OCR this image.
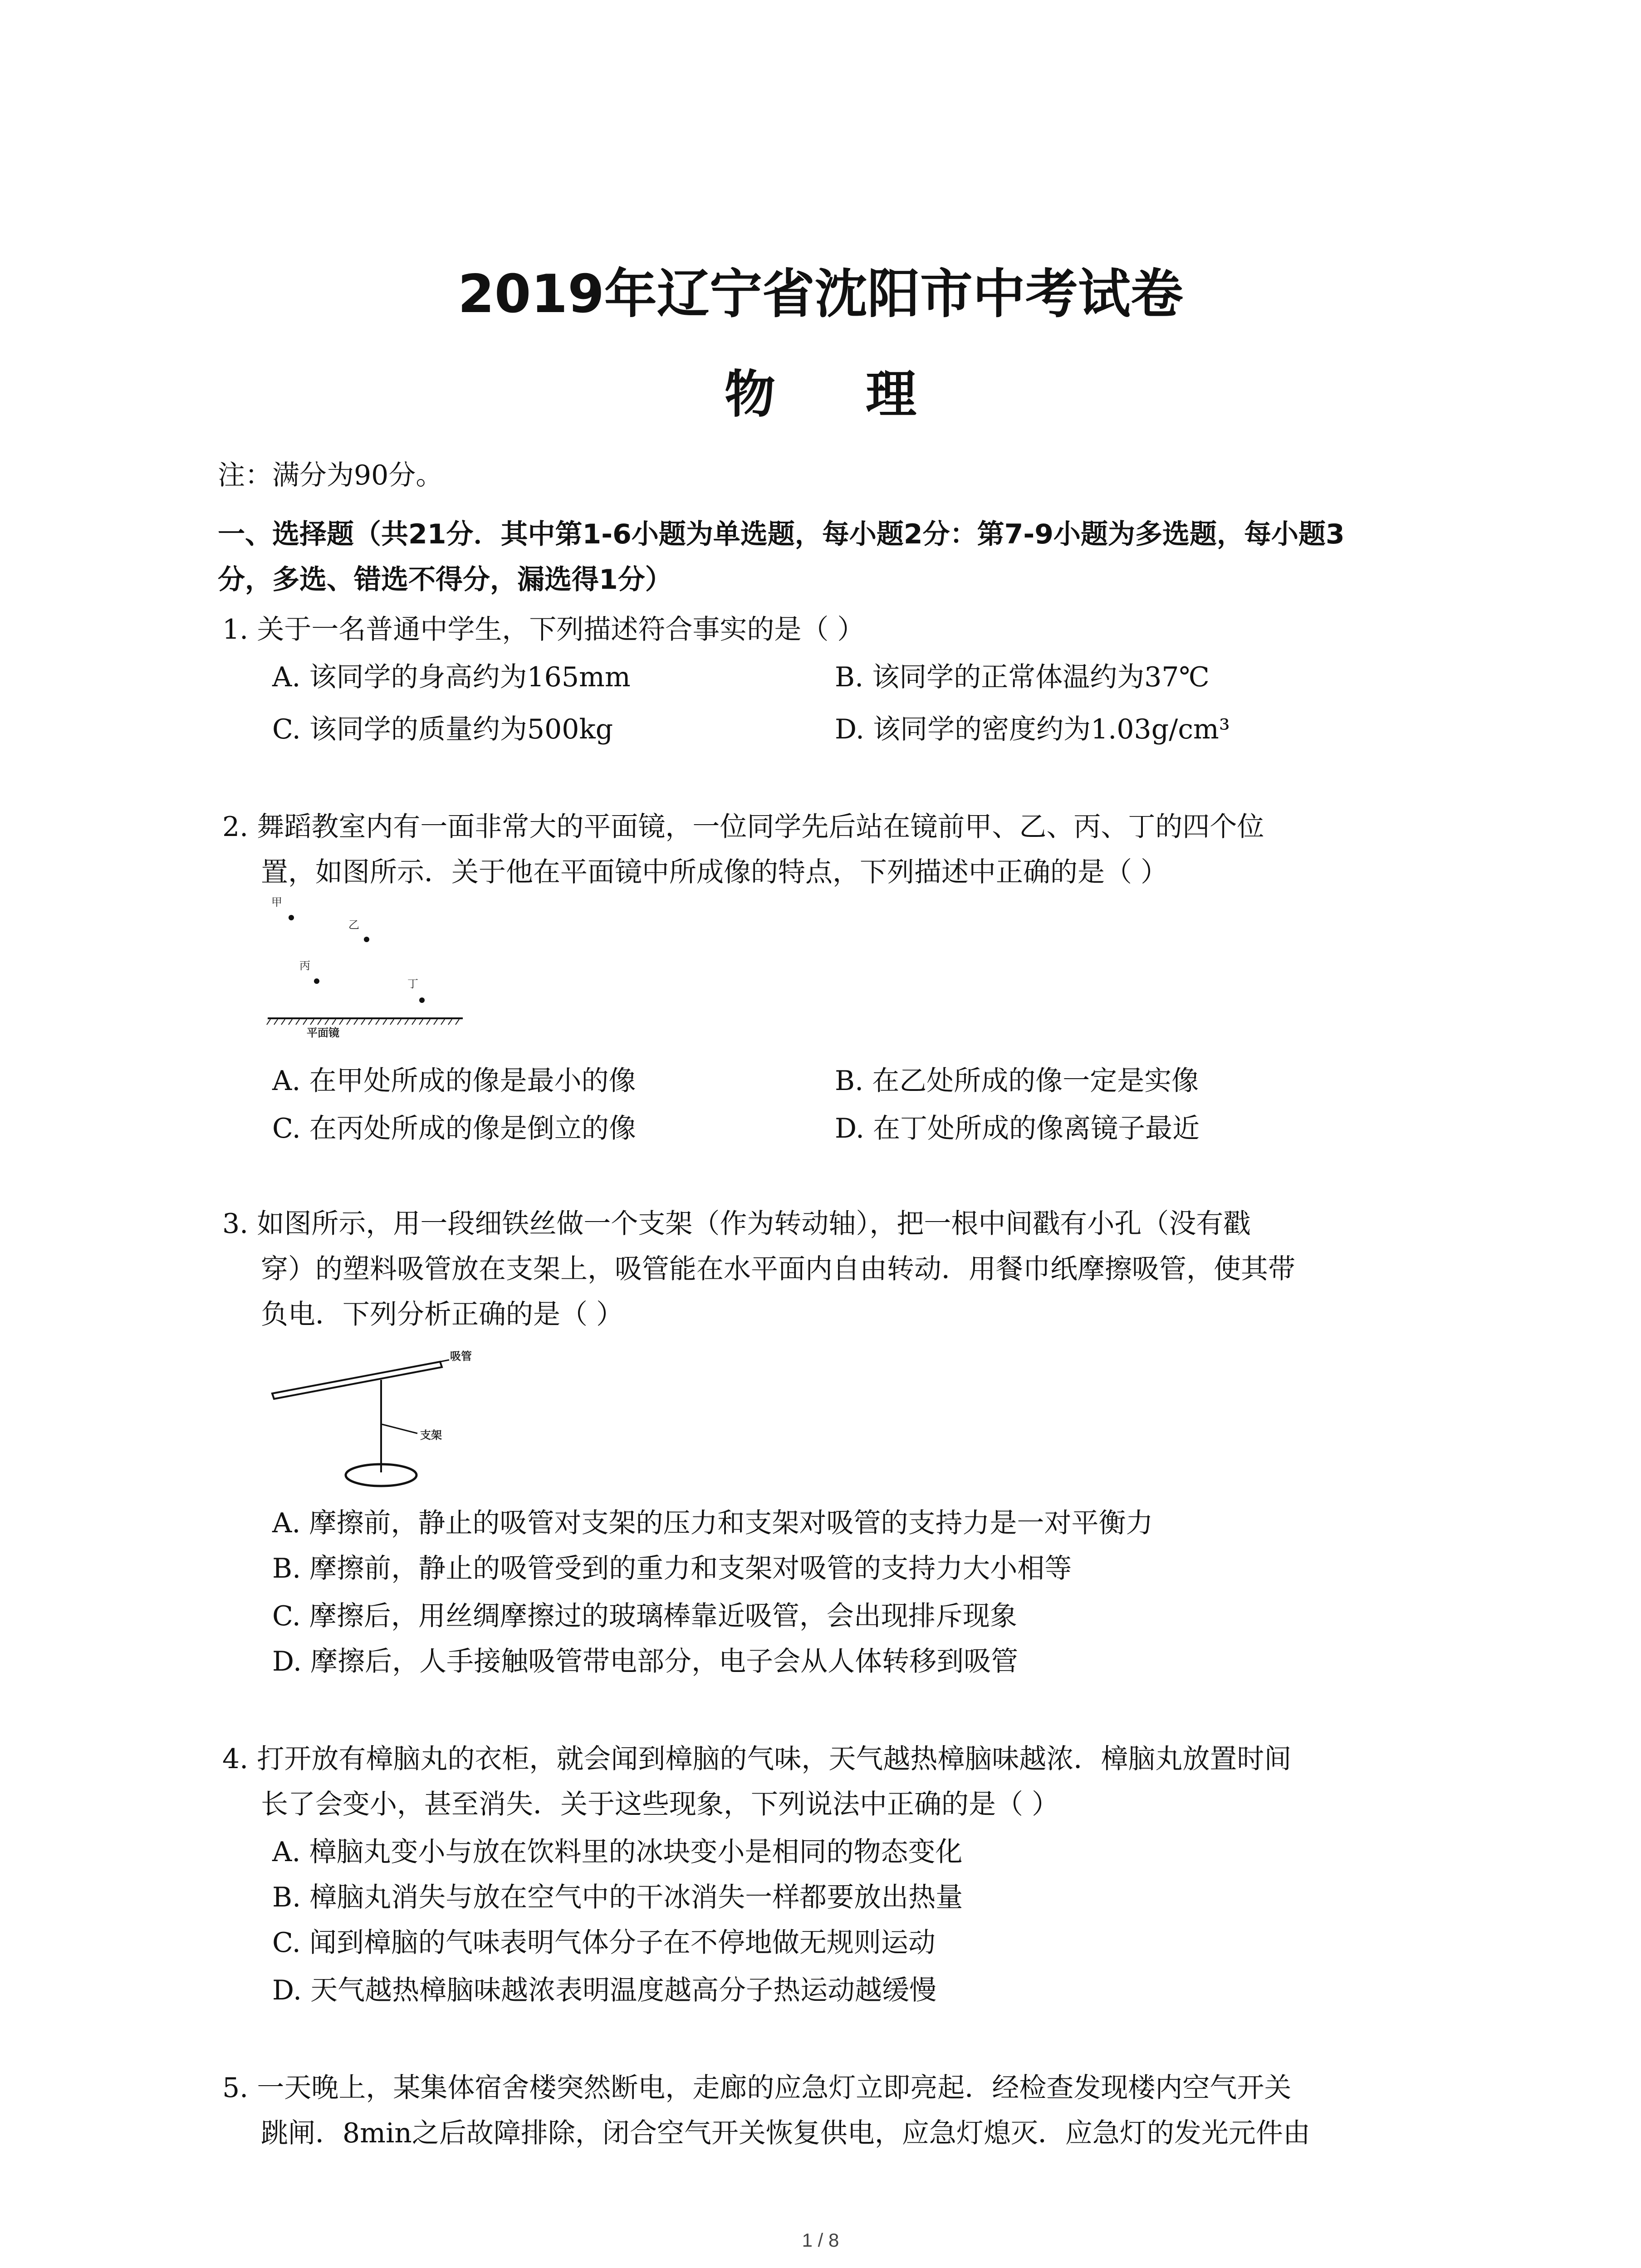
2019年辽宁省沈阳市中考试卷
物 理
注：满分为90分。
一、选择题（共21分．其中第1-6小题为单选题，每小题2分：第7-9小题为多选题，每小题3
分，多选、错选不得分，漏选得1分）
1. 关于一名普通中学生，下列描述符合事实的是（ ）
A. 该同学的身高约为165mm	B. 该同学的正常体温约为37℃
C. 该同学的质量约为500kg	D. 该同学的密度约为1.03g/cm³
2. 舞蹈教室内有一面非常大的平面镜，一位同学先后站在镜前甲、乙、丙、丁的四个位
置，如图所示．关于他在平面镜中所成像的特点，下列描述中正确的是（ ）
甲
乙
丙
丁
平面镜
A. 在甲处所成的像是最小的像	B. 在乙处所成的像一定是实像
C. 在丙处所成的像是倒立的像	D. 在丁处所成的像离镜子最近
3. 如图所示，用一段细铁丝做一个支架（作为转动轴），把一根中间戳有小孔（没有戳
穿）的塑料吸管放在支架上，吸管能在水平面内自由转动．用餐巾纸摩擦吸管，使其带
负电．下列分析正确的是（ ）
吸管
支架
A. 摩擦前，静止的吸管对支架的压力和支架对吸管的支持力是一对平衡力
B. 摩擦前，静止的吸管受到的重力和支架对吸管的支持力大小相等
C. 摩擦后，用丝绸摩擦过的玻璃棒靠近吸管，会出现排斥现象
D. 摩擦后，人手接触吸管带电部分，电子会从人体转移到吸管
4. 打开放有樟脑丸的衣柜，就会闻到樟脑的气味，天气越热樟脑味越浓．樟脑丸放置时间
长了会变小，甚至消失．关于这些现象，下列说法中正确的是（ ）
A. 樟脑丸变小与放在饮料里的冰块变小是相同的物态变化
B. 樟脑丸消失与放在空气中的干冰消失一样都要放出热量
C. 闻到樟脑的气味表明气体分子在不停地做无规则运动
D. 天气越热樟脑味越浓表明温度越高分子热运动越缓慢
5. 一天晚上，某集体宿舍楼突然断电，走廊的应急灯立即亮起．经检查发现楼内空气开关
跳闸．8min之后故障排除，闭合空气开关恢复供电，应急灯熄灭．应急灯的发光元件由
1 / 8
